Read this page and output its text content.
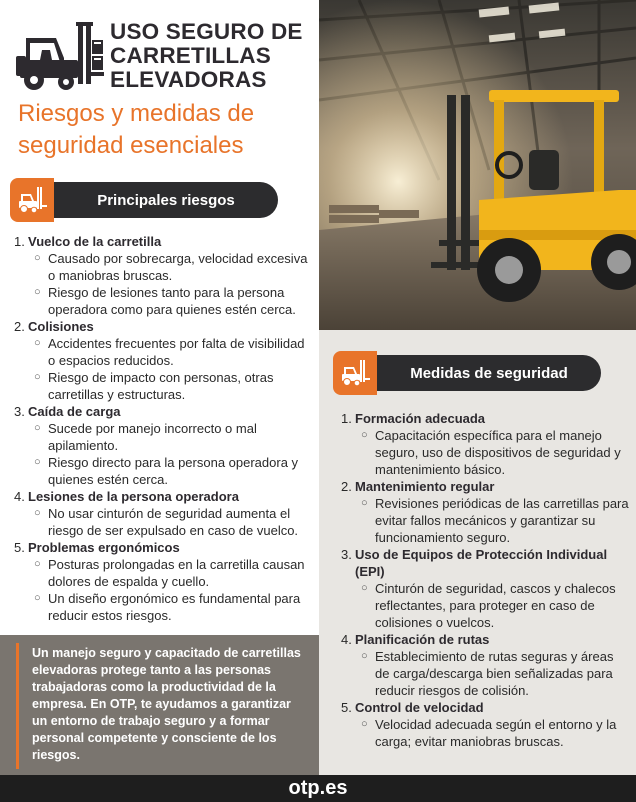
USO SEGURO DE
CARRETILLAS
ELEVADORAS
Riesgos y medidas de seguridad esenciales
Principales riesgos
1. Vuelco de la carretilla
○ Causado por sobrecarga, velocidad excesiva o maniobras bruscas.
○ Riesgo de lesiones tanto para la persona operadora como para quienes estén cerca.
2. Colisiones
○ Accidentes frecuentes por falta de visibilidad o espacios reducidos.
○ Riesgo de impacto con personas, otras carretillas y estructuras.
3. Caída de carga
○ Sucede por manejo incorrecto o mal apilamiento.
○ Riesgo directo para la persona operadora y quienes estén cerca.
4. Lesiones de la persona operadora
○ No usar cinturón de seguridad aumenta el riesgo de ser expulsado en caso de vuelco.
5. Problemas ergonómicos
○ Posturas prolongadas en la carretilla causan dolores de espalda y cuello.
○ Un diseño ergonómico es fundamental para reducir estos riesgos.
Medidas de seguridad
1. Formación adecuada
○ Capacitación específica para el manejo seguro, uso de dispositivos de seguridad y mantenimiento básico.
2. Mantenimiento regular
○ Revisiones periódicas de las carretillas para evitar fallos mecánicos y garantizar su funcionamiento seguro.
3. Uso de Equipos de Protección Individual (EPI)
○ Cinturón de seguridad, cascos y chalecos reflectantes, para proteger en caso de colisiones o vuelcos.
4. Planificación de rutas
○ Establecimiento de rutas seguras y áreas de carga/descarga bien señalizadas para reducir riesgos de colisión.
5. Control de velocidad
○ Velocidad adecuada según el entorno y la carga; evitar maniobras bruscas.
Un manejo seguro y capacitado de carretillas elevadoras protege tanto a las personas trabajadoras como la productividad de la empresa. En OTP, te ayudamos a garantizar un entorno de trabajo seguro y a formar personal competente y consciente de los riesgos.
otp.es
